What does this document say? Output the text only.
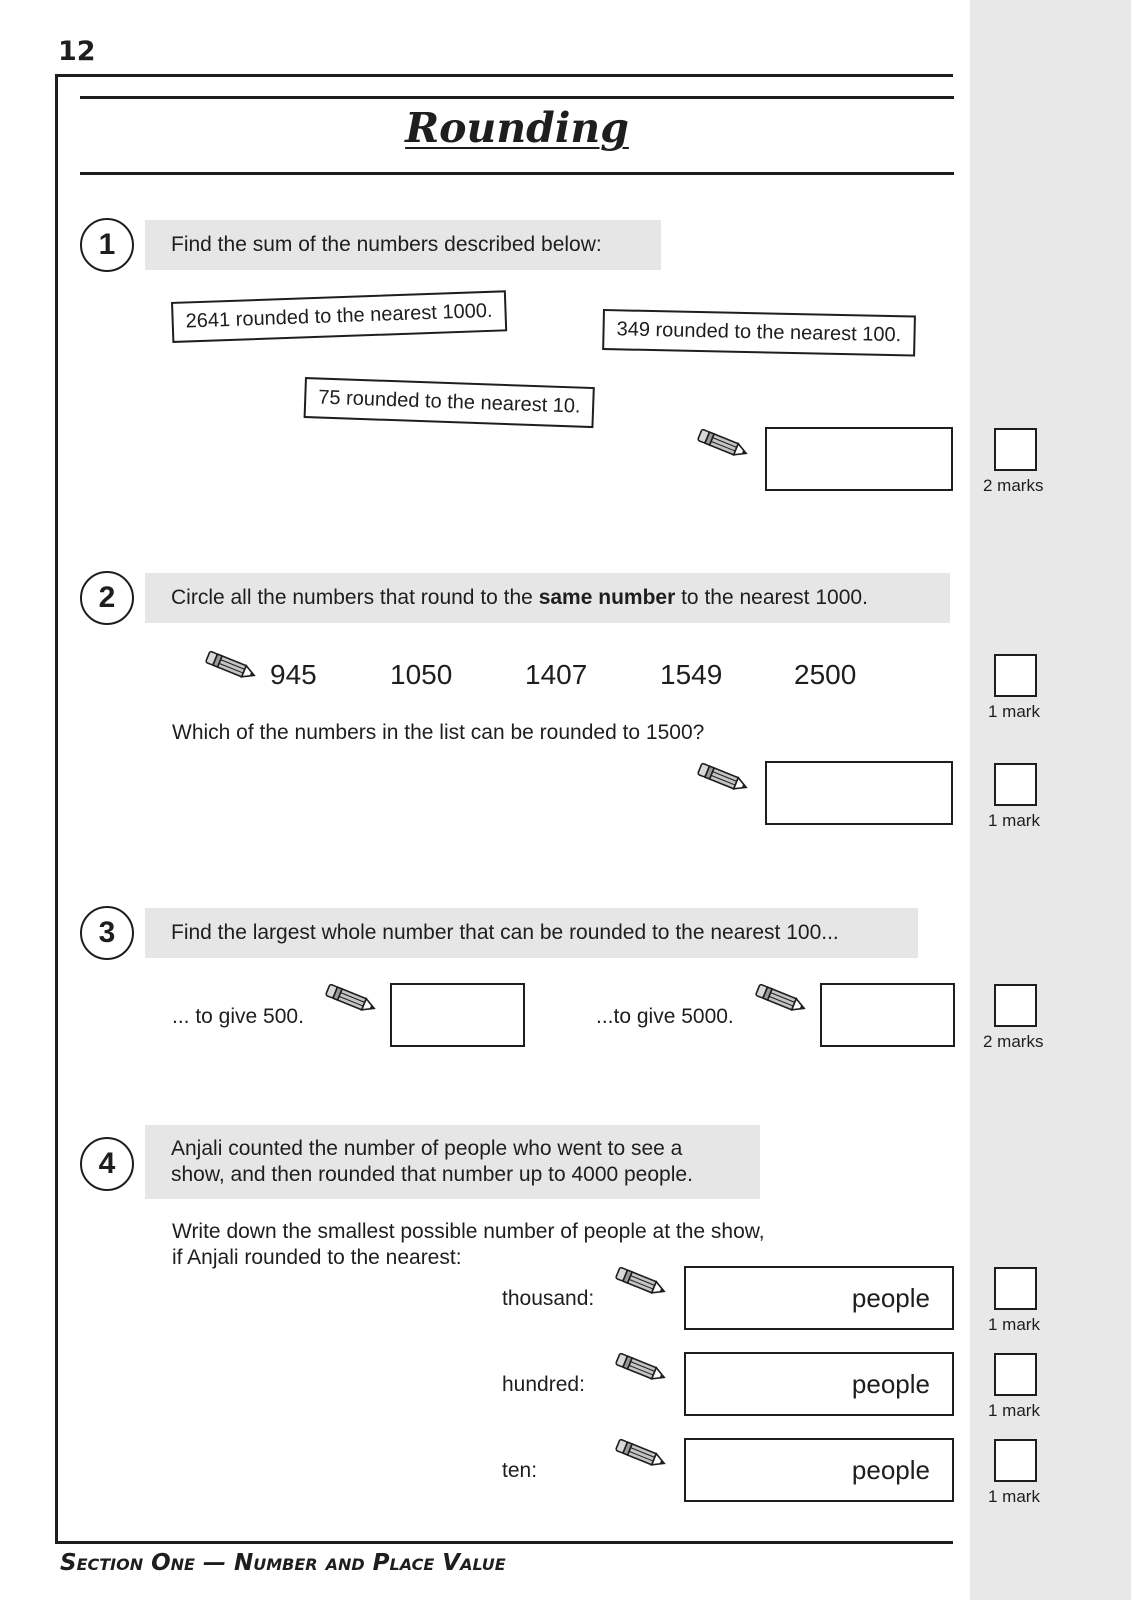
12
Rounding
1	Find the sum of the numbers described below:
2641 rounded to the nearest 1000.	349 rounded to the nearest 100.
75 rounded to the nearest 10.
2 marks
2	Circle all the numbers that round to the same number to the nearest 1000.
945	1050	1407	1549	2500
1 mark
Which of the numbers in the list can be rounded to 1500?
1 mark
3	Find the largest whole number that can be rounded to the nearest 100...
... to give 500.	...to give 5000.
2 marks
4	Anjali counted the number of people who went to see a
show, and then rounded that number up to 4000 people.
Write down the smallest possible number of people at the show,
if Anjali rounded to the nearest:
thousand:	people
1 mark
hundred:	people
1 mark
ten:	people
1 mark
Section One — Number and Place Value
